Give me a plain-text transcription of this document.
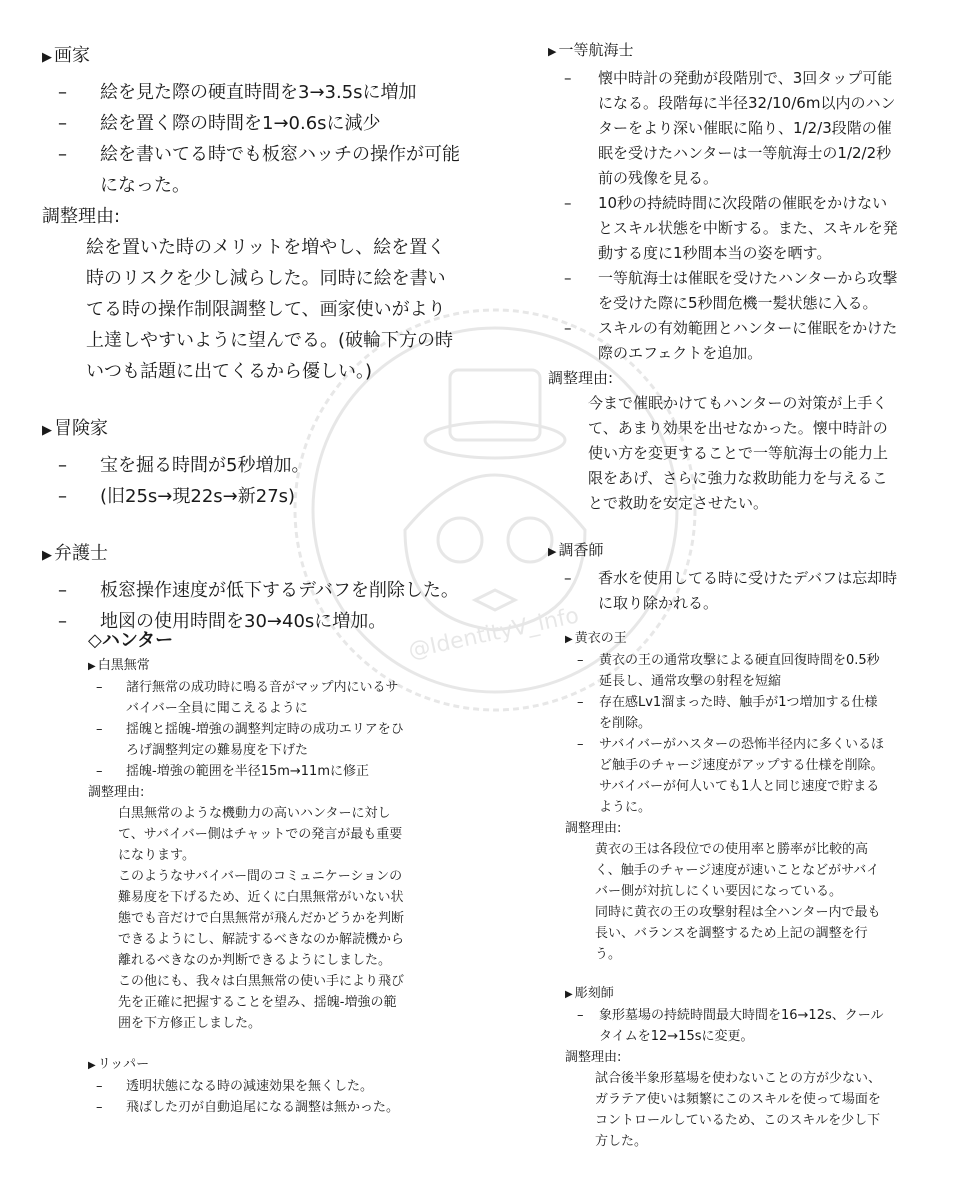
@IdentityV_info
▶ 画家
– 絵を見た際の硬直時間を3→3.5sに増加
– 絵を置く際の時間を1→0.6sに減少
– 絵を書いてる時でも板窓ハッチの操作が可能になった。
調整理由:
絵を置いた時のメリットを増やし、絵を置く時のリスクを少し減らした。同時に絵を書いてる時の操作制限調整して、画家使いがより上達しやすいように望んでる。(破輪下方の時いつも話題に出てくるから優しい。)
▶ 冒険家
– 宝を掘る時間が5秒増加。
– (旧25s→現22s→新27s)
▶ 弁護士
– 板窓操作速度が低下するデバフを削除した。
– 地図の使用時間を30→40sに増加。
▶ 一等航海士
– 懐中時計の発動が段階別で、3回タップ可能になる。段階毎に半径32/10/6m以内のハンターをより深い催眠に陥り、1/2/3段階の催眠を受けたハンターは一等航海士の1/2/2秒前の残像を見る。
– 10秒の持続時間に次段階の催眠をかけないとスキル状態を中断する。また、スキルを発動する度に1秒間本当の姿を晒す。
– 一等航海士は催眠を受けたハンターから攻撃を受けた際に5秒間危機一髪状態に入る。
– スキルの有効範囲とハンターに催眠をかけた際のエフェクトを追加。
調整理由:
今まで催眠かけてもハンターの対策が上手くて、あまり効果を出せなかった。懐中時計の使い方を変更することで一等航海士の能力上限をあげ、さらに強力な救助能力を与えることで救助を安定させたい。
▶ 調香師
– 香水を使用してる時に受けたデバフは忘却時に取り除かれる。
◇ハンター
▶ 白黒無常
– 諸行無常の成功時に鳴る音がマップ内にいるサバイバー全員に聞こえるように
– 揺魄と揺魄-増強の調整判定時の成功エリアをひろげ調整判定の難易度を下げた
– 揺魄-増強の範囲を半径15m→11mに修正
調整理由:

白黒無常のような機動力の高いハンターに対して、サバイバー側はチャットでの発言が最も重要になります。

このようなサバイバー間のコミュニケーションの難易度を下げるため、近くに白黒無常がいない状態でも音だけで白黒無常が飛んだかどうかを判断できるようにし、解読するべきなのか解読機から離れるべきなのか判断できるようにしました。

この他にも、我々は白黒無常の使い手により飛び先を正確に把握することを望み、揺魄-増強の範囲を下方修正しました。

▶ リッパー
– 透明状態になる時の減速効果を無くした。
– 飛ばした刃が自動追尾になる調整は無かった。
▶ 黄衣の王
– 黄衣の王の通常攻撃による硬直回復時間を0.5秒延長し、通常攻撃の射程を短縮
– 存在感Lv1溜まった時、触手が1つ増加する仕様を削除。
– サバイバーがハスターの恐怖半径内に多くいるほど触手のチャージ速度がアップする仕様を削除。サバイバーが何人いても1人と同じ速度で貯まるように。
調整理由:

黄衣の王は各段位での使用率と勝率が比較的高く、触手のチャージ速度が速いことなどがサバイバー側が対抗しにくい要因になっている。

同時に黄衣の王の攻撃射程は全ハンター内で最も長い、バランスを調整するため上記の調整を行う。

▶ 彫刻師
– 象形墓場の持続時間最大時間を16→12s、クールタイムを12→15sに変更。
調整理由:

試合後半象形墓場を使わないことの方が少ない、ガラテア使いは頻繁にこのスキルを使って場面をコントロールしているため、このスキルを少し下方した。
